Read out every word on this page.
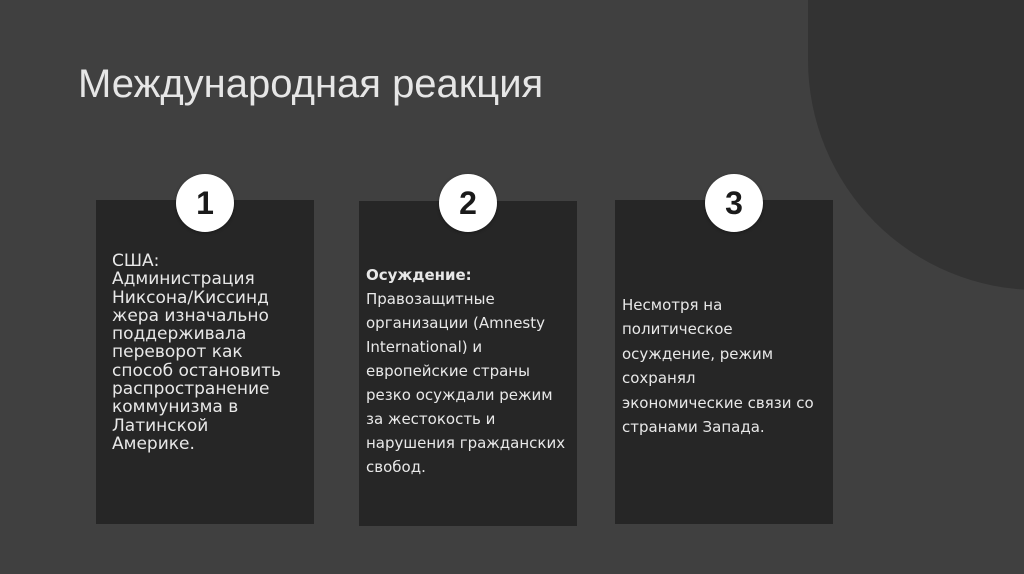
Международная реакция
1	2	3
США:
Администрация
Никсона/Киссинд
жера изначально
поддерживала
переворот как
способ остановить
распространение
коммунизма в
Латинской
Америке.
Осуждение:
Правозащитные
организации (Amnesty
International) и
европейские страны
резко осуждали режим
за жестокость и
нарушения гражданских
свобод.
Несмотря на
политическое
осуждение, режим
сохранял
экономические связи со
странами Запада.
